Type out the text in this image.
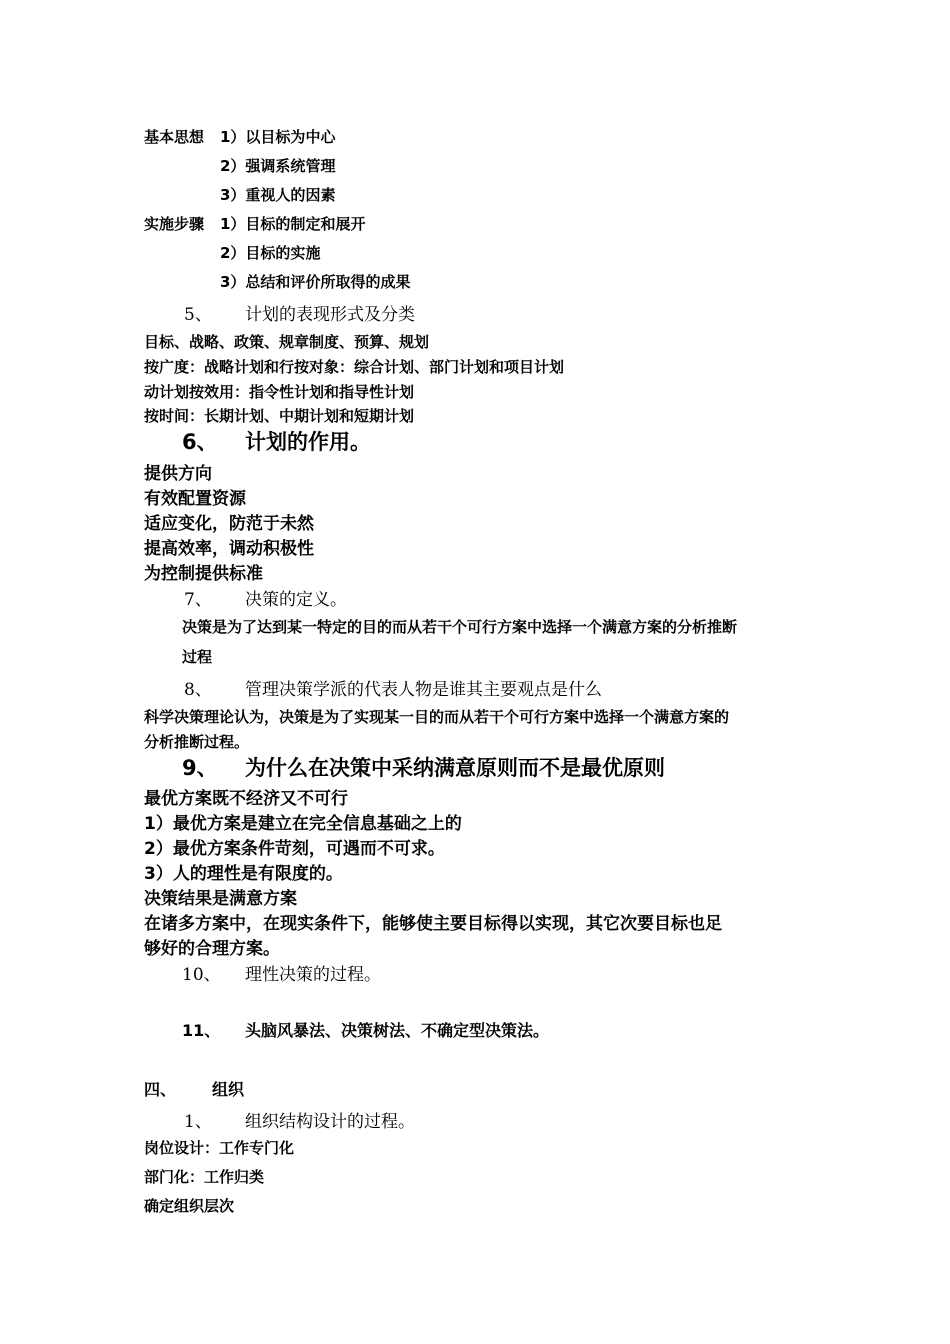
基本思想 1）以目标为中心
2）强调系统管理
3）重视人的因素
实施步骤 1）目标的制定和展开
2）目标的实施
3）总结和评价所取得的成果
5、 计划的表现形式及分类
目标、战略、政策、规章制度、预算、规划
按广度：战略计划和行按对象：综合计划、部门计划和项目计划
动计划按效用：指令性计划和指导性计划
按时间：长期计划、中期计划和短期计划
6、 计划的作用。
提供方向
有效配置资源
适应变化，防范于未然
提高效率，调动积极性
为控制提供标准
7、 决策的定义。
决策是为了达到某一特定的目的而从若干个可行方案中选择一个满意方案的分析推断
过程
8、 管理决策学派的代表人物是谁其主要观点是什么
科学决策理论认为，决策是为了实现某一目的而从若干个可行方案中选择一个满意方案的
分析推断过程。
9、 为什么在决策中采纳满意原则而不是最优原则
最优方案既不经济又不可行
1）最优方案是建立在完全信息基础之上的
2）最优方案条件苛刻，可遇而不可求。
3）人的理性是有限度的。
决策结果是满意方案
在诸多方案中，在现实条件下，能够使主要目标得以实现，其它次要目标也足
够好的合理方案。
10、 理性决策的过程。
11、 头脑风暴法、决策树法、不确定型决策法。
四、 组织
1、 组织结构设计的过程。
岗位设计：工作专门化
部门化：工作归类
确定组织层次
